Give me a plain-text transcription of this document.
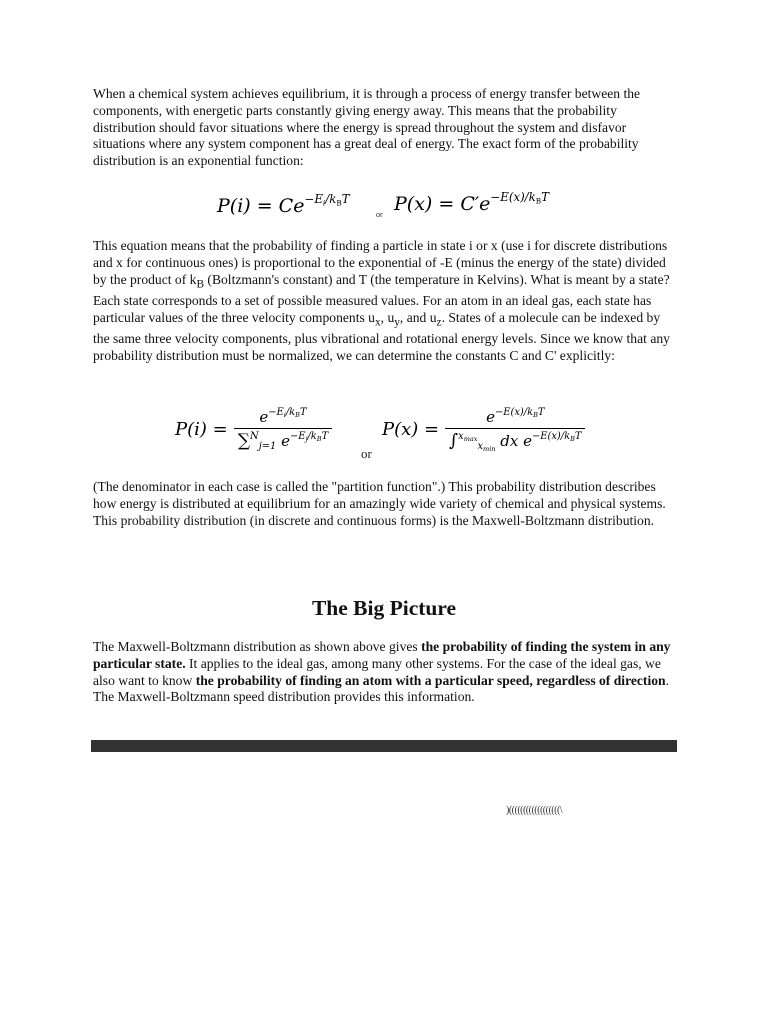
When a chemical system achieves equilibrium, it is through a process of energy transfer between the components, with energetic parts constantly giving energy away. This means that the probability distribution should favor situations where the energy is spread throughout the system and disfavor situations where any system component has a great deal of energy. The exact form of the probability distribution is an exponential function:

$P(i) = Ce^{-E_i/k_BT}$
or $P(x) = C'e^{-E(x)/k_BT}$

This equation means that the probability of finding a particle in state i or x (use i for discrete distributions and x for continuous ones) is proportional to the exponential of -E (minus the energy of the state) divided by the product of $k_B$ (Boltzmann's constant) and T (the temperature in Kelvins). What is meant by a state? Each state corresponds to a set of possible measured values. For an atom in an ideal gas, each state has particular values of the three velocity components $u_x$, $u_y$, and $u_z$. States of a molecule can be indexed by the same three velocity components, plus vibrational and rotational energy levels. Since we know that any probability distribution must be normalized, we can determine the constants C and C' explicitly:

$P(i) = \frac{e^{-E_i/k_BT}}{\sum^N_{j=1} e^{-E_j/k_BT}}$
or
$P(x) = \frac{e^{-E(x)/k_BT}}{\int^{x_{max}}_{x_{min}} dx e^{-E(x)/k_BT}}$

(The denominator in each case is called the "partition function".) This probability distribution describes how energy is distributed at equilibrium for an amazingly wide variety of chemical and physical systems. This probability distribution (in discrete and continuous forms) is the Maxwell-Boltzmann distribution.

The Big Picture

The Maxwell-Boltzmann distribution as shown above gives the probability of finding the system in any particular state. It applies to the ideal gas, among many other systems. For the case of the ideal gas, we also want to know the probability of finding an atom with a particular speed, regardless of direction. The Maxwell-Boltzmann speed distribution provides this information.

)((((((((((((((((((\
